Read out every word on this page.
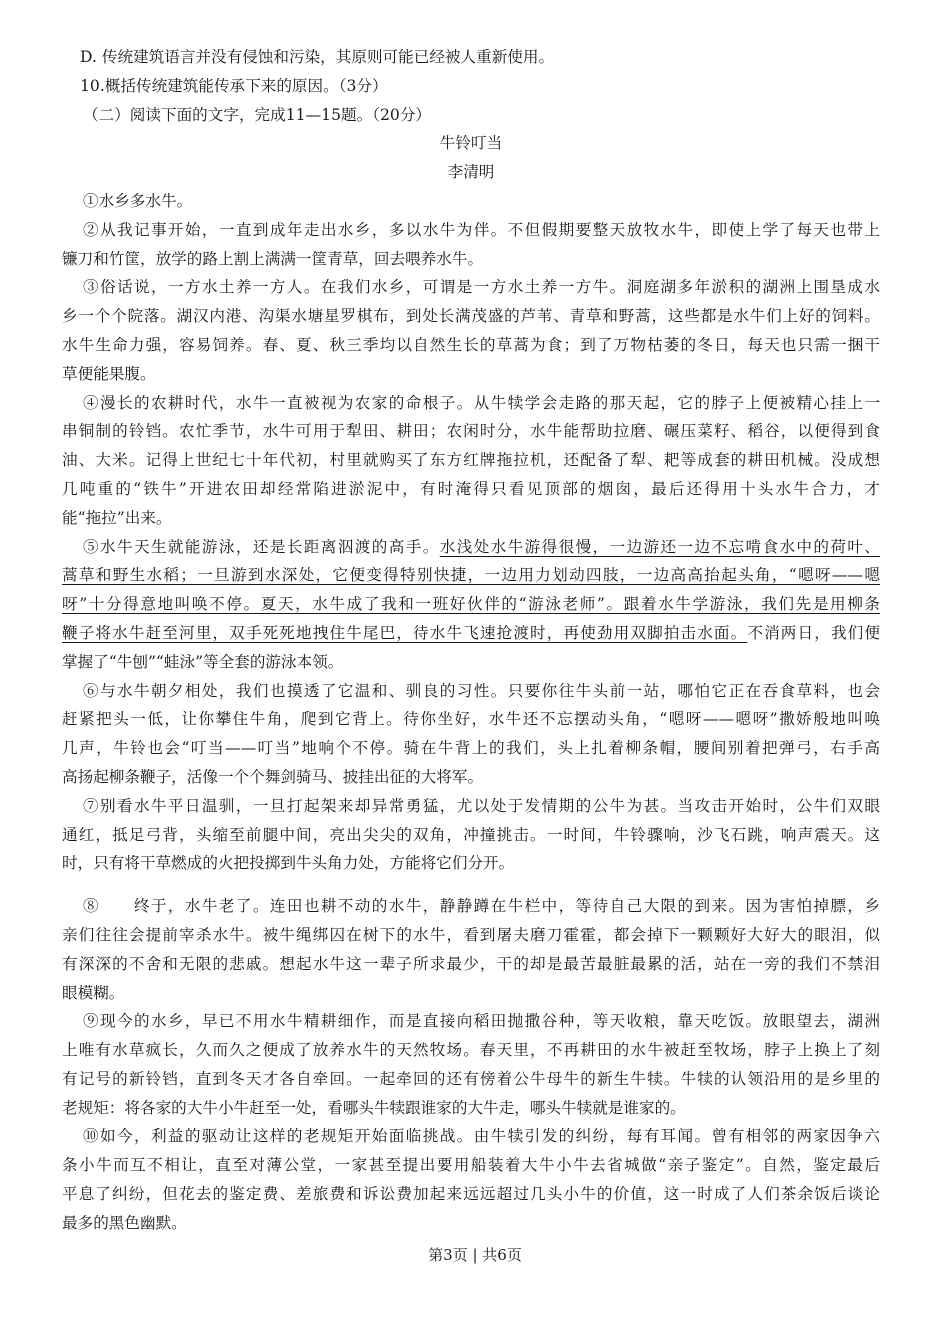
D. 传统建筑语言并没有侵蚀和污染，其原则可能已经被人重新使用。
10.概括传统建筑能传承下来的原因。（3分）
（二）阅读下面的文字，完成11—15题。（20分）
牛铃叮当
李清明
①水乡多水牛。
②从我记事开始，一直到成年走出水乡，多以水牛为伴。不但假期要整天放牧水牛，即使上学了每天也带上
镰刀和竹筐，放学的路上割上满满一筐青草，回去喂养水牛。
③俗话说，一方水土养一方人。在我们水乡，可谓是一方水土养一方牛。洞庭湖多年淤积的湖洲上围垦成水
乡一个个院落。湖汉内港、沟渠水塘星罗棋布，到处长满茂盛的芦苇、青草和野蒿，这些都是水牛们上好的饲料。
水牛生命力强，容易饲养。春、夏、秋三季均以自然生长的草蒿为食；到了万物枯萎的冬日，每天也只需一捆干
草便能果腹。
④漫长的农耕时代，水牛一直被视为农家的命根子。从牛犊学会走路的那天起，它的脖子上便被精心挂上一
串铜制的铃铛。农忙季节，水牛可用于犁田、耕田；农闲时分，水牛能帮助拉磨、碾压菜籽、稻谷，以便得到食
油、大米。记得上世纪七十年代初，村里就购买了东方红牌拖拉机，还配备了犁、耙等成套的耕田机械。没成想
几吨重的“铁牛”开进农田却经常陷进淤泥中，有时淹得只看见顶部的烟囱，最后还得用十头水牛合力，才
能“拖拉”出来。
⑤水牛天生就能游泳，还是长距离泅渡的高手。水浅处水牛游得很慢，一边游还一边不忘啃食水中的荷叶、
蒿草和野生水稻；一旦游到水深处，它便变得特别快捷，一边用力划动四肢，一边高高抬起头角，“嗯呀——嗯
呀”十分得意地叫唤不停。夏天，水牛成了我和一班好伙伴的“游泳老师”。跟着水牛学游泳，我们先是用柳条
鞭子将水牛赶至河里，双手死死地拽住牛尾巴，待水牛飞速抢渡时，再使劲用双脚拍击水面。不消两日，我们便
掌握了“牛刨”“蛙泳”等全套的游泳本领。
⑥与水牛朝夕相处，我们也摸透了它温和、驯良的习性。只要你往牛头前一站，哪怕它正在吞食草料，也会
赶紧把头一低，让你攀住牛角，爬到它背上。待你坐好，水牛还不忘摆动头角，“嗯呀——嗯呀”撒娇般地叫唤
几声，牛铃也会“叮当——叮当”地响个不停。骑在牛背上的我们，头上扎着柳条帽，腰间别着把弹弓，右手高
高扬起柳条鞭子，活像一个个舞剑骑马、披挂出征的大将军。
⑦别看水牛平日温驯，一旦打起架来却异常勇猛，尤以处于发情期的公牛为甚。当攻击开始时，公牛们双眼
通红，抵足弓背，头缩至前腿中间，亮出尖尖的双角，冲撞挑击。一时间，牛铃骤响，沙飞石跳，响声震天。这
时，只有将干草燃成的火把投掷到牛头角力处，方能将它们分开。
⑧　　终于，水牛老了。连田也耕不动的水牛，静静蹲在牛栏中，等待自己大限的到来。因为害怕掉膘，乡
亲们往往会提前宰杀水牛。被牛绳绑囚在树下的水牛，看到屠夫磨刀霍霍，都会掉下一颗颗好大好大的眼泪，似
有深深的不舍和无限的悲戚。想起水牛这一辈子所求最少，干的却是最苦最脏最累的活，站在一旁的我们不禁泪
眼模糊。
⑨现今的水乡，早已不用水牛精耕细作，而是直接向稻田抛撒谷种，等天收粮，靠天吃饭。放眼望去，湖洲
上唯有水草疯长，久而久之便成了放养水牛的天然牧场。春天里，不再耕田的水牛被赶至牧场，脖子上换上了刻
有记号的新铃铛，直到冬天才各自牵回。一起牵回的还有傍着公牛母牛的新生牛犊。牛犊的认领沿用的是乡里的
老规矩：将各家的大牛小牛赶至一处，看哪头牛犊跟谁家的大牛走，哪头牛犊就是谁家的。
⑩如今，利益的驱动让这样的老规矩开始面临挑战。由牛犊引发的纠纷，每有耳闻。曾有相邻的两家因争六
条小牛而互不相让，直至对薄公堂，一家甚至提出要用船装着大牛小牛去省城做“亲子鉴定”。自然，鉴定最后
平息了纠纷，但花去的鉴定费、差旅费和诉讼费加起来远远超过几头小牛的价值，这一时成了人们茶余饭后谈论
最多的黑色幽默。
第3页 | 共6页
